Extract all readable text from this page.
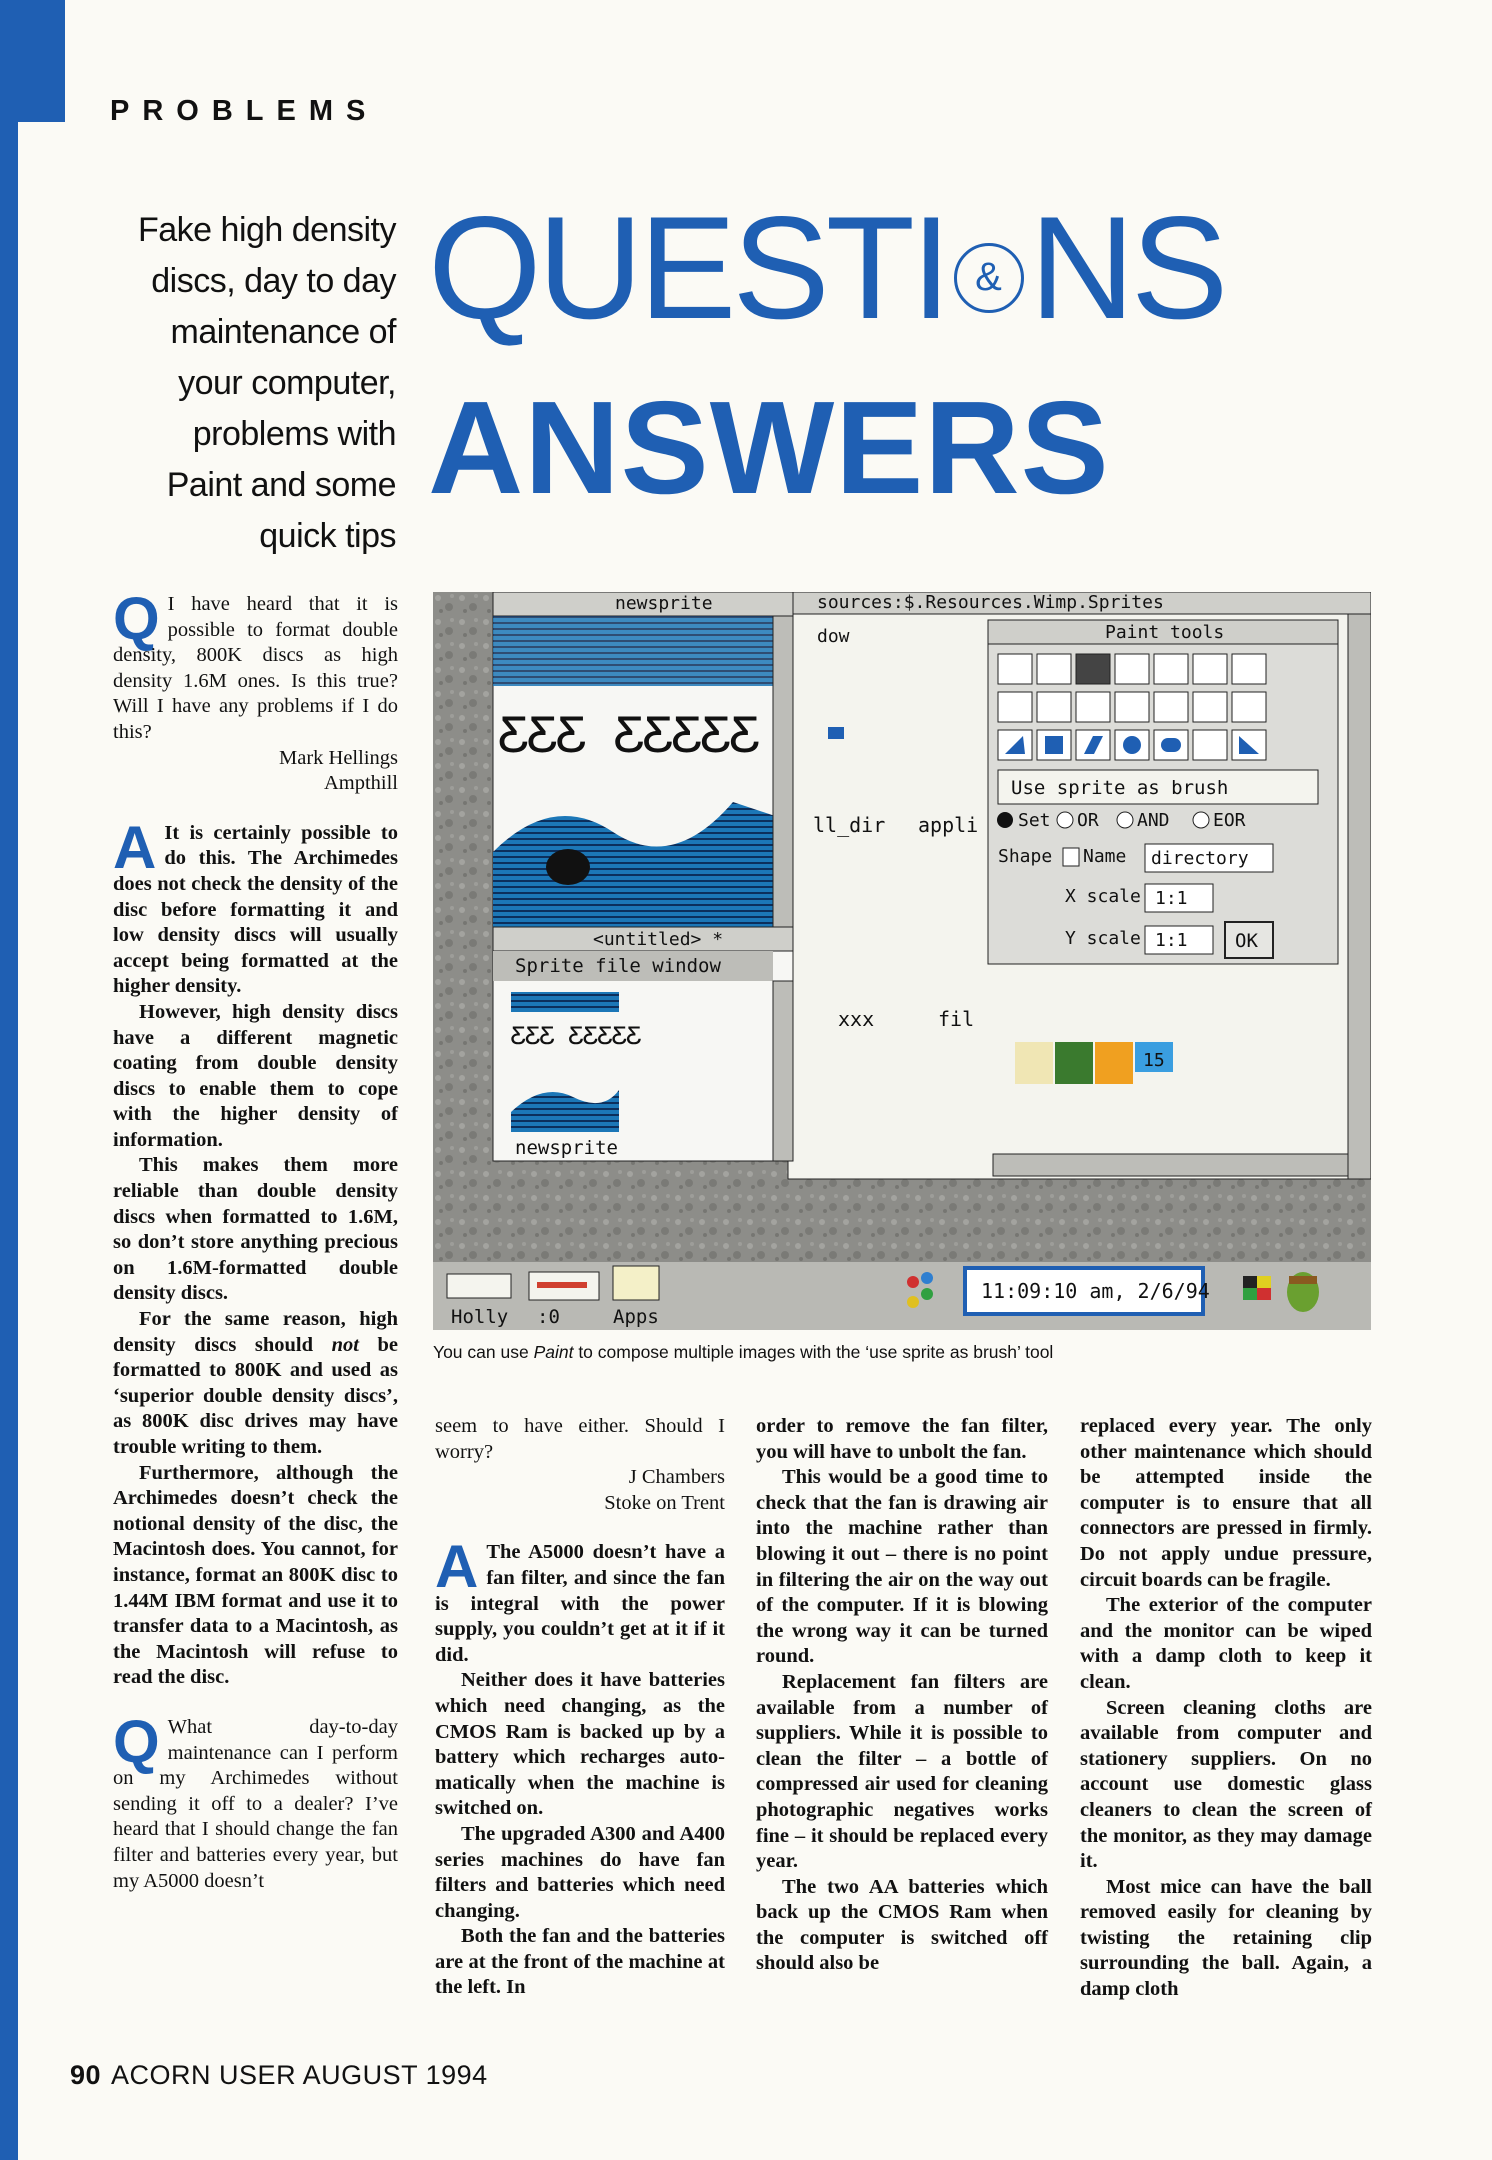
PROBLEMS
Fake high density discs, day to day maintenance of your computer, problems with Paint and some quick tips
QUESTI & NS
ANSWERS

Q I have heard that it is possible to format double density, 800K discs as high density 1.6M ones. Is this true? Will I have any problems if I do this?

Mark Hellings

Ampthill

A It is certainly possible to do this. The Archimedes does not check the density of the disc before formatting it and low density discs will usually accept being formatted at the higher density.

However, high density discs have a different magnetic coating from double density discs to enable them to cope with the higher density of information.

This makes them more reliable than double density discs when formatted to 1.6M, so don’t store anything precious on 1.6M-formatted double density discs.

For the same reason, high density discs should not be formatted to 800K and used as ‘superior double density discs’, as 800K disc drives may have trouble writing to them.

Furthermore, although the Archimedes doesn’t check the notional density of the disc, the Macintosh does. You cannot, for instance, format an 800K disc to 1.44M IBM format and use it to transfer data to a Macintosh, as the Macintosh will refuse to read the disc.

Q What day-to-day maintenance can I perform on my Archimedes without sending it off to a dealer? I’ve heard that I should change the fan filter and batteries every year, but my A5000 doesn’t

seem to have either. Should I worry?

J Chambers

Stoke on Trent

A The A5000 doesn’t have a fan filter, and since the fan is integral with the power supply, you couldn’t get at it if it did.

Neither does it have batteries which need changing, as the CMOS Ram is backed up by a battery which recharges auto-matically when the machine is switched on.

The upgraded A300 and A400 series machines do have fan filters and batteries which need changing.

Both the fan and the batteries are at the front of the machine at the left. In

order to remove the fan filter, you will have to unbolt the fan.

This would be a good time to check that the fan is drawing air into the machine rather than blowing it out – there is no point in filtering the air on the way out of the computer. If it is blowing the wrong way it can be turned round.

Replacement fan filters are available from a number of suppliers. While it is possible to clean the filter – a bottle of compressed air used for cleaning photographic negatives works fine – it should be replaced every year.

The two AA batteries which back up the CMOS Ram when the computer is switched off should also be

replaced every year. The only other maintenance which should be attempted inside the computer is to ensure that all connectors are pressed in firmly. Do not apply undue pressure, circuit boards can be fragile.

The exterior of the computer and the monitor can be wiped with a damp cloth to keep it clean.

Screen cleaning cloths are available from computer and stationery suppliers. On no account use domestic glass cleaners to clean the screen of the monitor, as they may damage it.

Most mice can have the ball removed easily for cleaning by twisting the retaining clip surrounding the ball. Again, a damp cloth

sources:$.Resources.Wimp.Sprites
dow
ll_dir appli
xxx	fil
15
newsprite
ƸƸƸ ƸƸƸƸƸ
Paint tools
Use sprite as brush
Set OR AND EOR
Shape Name directory
X scale 1:1
Y scale 1:1 OK
<untitled> *
Sprite file window
ƸƸƸ ƸƸƸƸƸ
newsprite
Holly :0	Apps
11:09:10 am, 2/6/94
You can use Paint to compose multiple images with the ‘use sprite as brush’ tool
90 ACORN USER AUGUST 1994
